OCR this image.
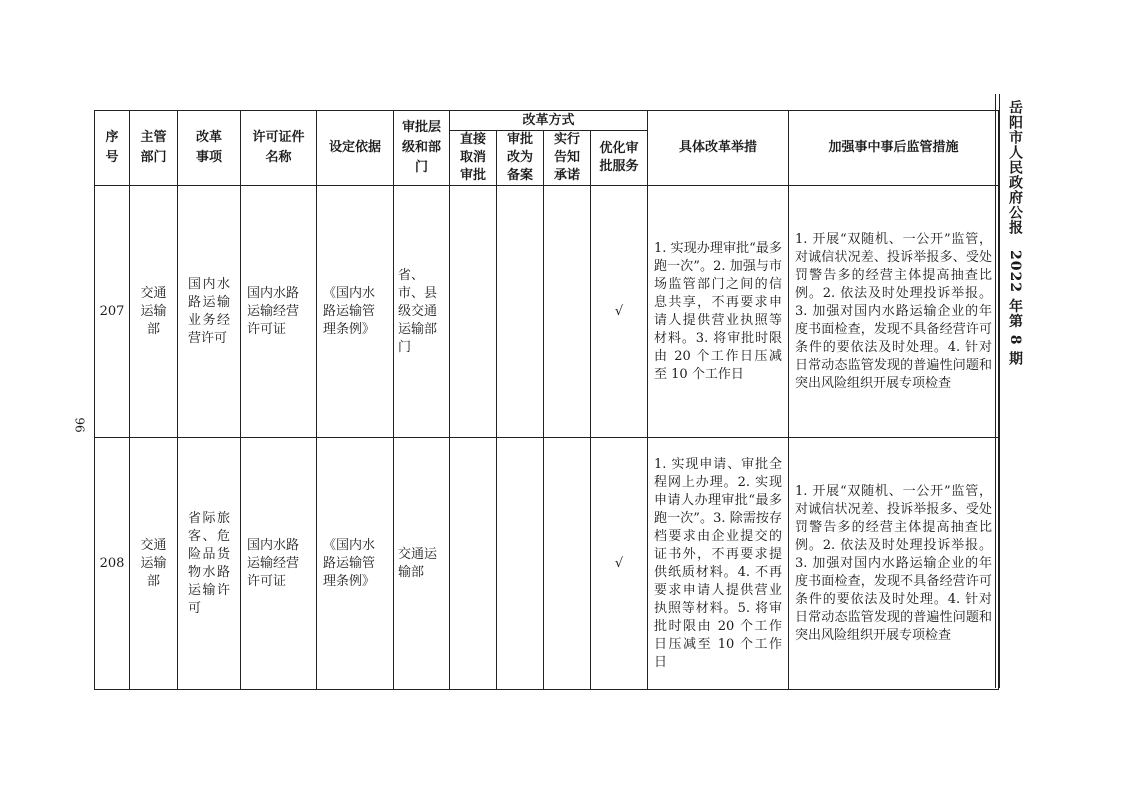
96
岳阳市人民政府公报　2022 年第 8 期
序号	主管部门	改革事项	许可证件名称	设定依据	审批层级和部门	改革方式				具体改革举措	加强事中事后监管措施

						直接取消审批	审批改为备案	实行告知承诺	优化审批服务		

207	交通运输部	国内水路运输业务经营许可	国内水路运输经营许可证	《国内水路运输管理条例》	省、市、县级交通运输部门				√	1. 实现办理审批“最多跑一次”。2. 加强与市场监管部门之间的信息共享，不再要求申请人提供营业执照等材料。3. 将审批时限由 20 个工作日压减至 10 个工作日	1. 开展“双随机、一公开”监管，对诚信状况差、投诉举报多、受处罚警告多的经营主体提高抽查比例。2. 依法及时处理投诉举报。3. 加强对国内水路运输企业的年度书面检查，发现不具备经营许可条件的要依法及时处理。4. 针对日常动态监管发现的普遍性问题和突出风险组织开展专项检查

208	交通运输部	省际旅客、危险品货物水路运输许可	国内水路运输经营许可证	《国内水路运输管理条例》	交通运输部				√	1. 实现申请、审批全程网上办理。2. 实现申请人办理审批“最多跑一次”。3. 除需按存档要求由企业提交的证书外，不再要求提供纸质材料。4. 不再要求申请人提供营业执照等材料。5. 将审批时限由 20 个工作日压减至 10 个工作日	1. 开展“双随机、一公开”监管，对诚信状况差、投诉举报多、受处罚警告多的经营主体提高抽查比例。2. 依法及时处理投诉举报。3. 加强对国内水路运输企业的年度书面检查，发现不具备经营许可条件的要依法及时处理。4. 针对日常动态监管发现的普遍性问题和突出风险组织开展专项检查
